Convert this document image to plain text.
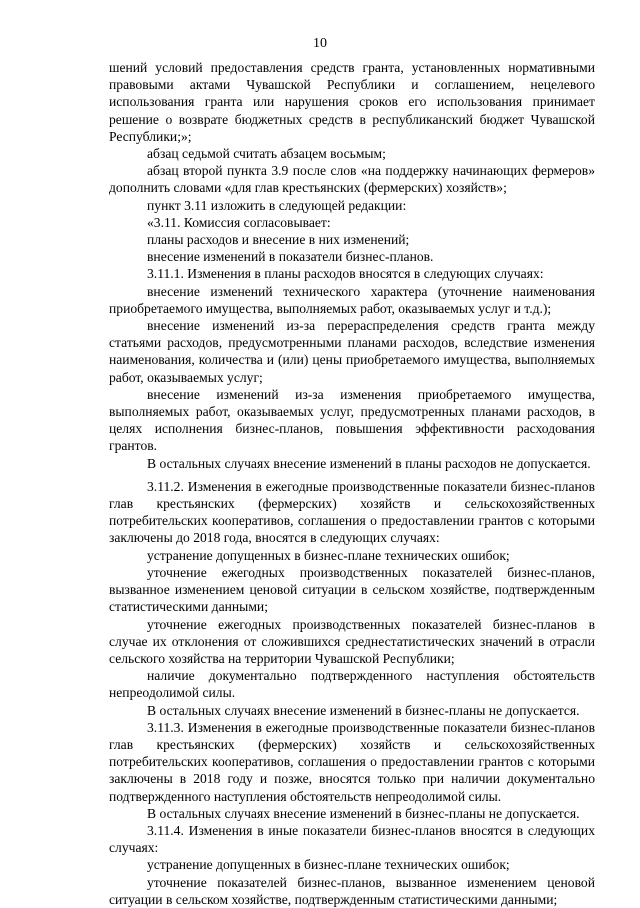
10

шений условий предоставления средств гранта, установленных нормативными правовыми актами Чувашской Республики и соглашением, нецелевого использования гранта или нарушения сроков его использования принимает решение о возврате бюджетных средств в республиканский бюджет Чувашской Республики;»;

абзац седьмой считать абзацем восьмым;

абзац второй пункта 3.9 после слов «на поддержку начинающих фермеров» дополнить словами «для глав крестьянских (фермерских) хозяйств»;

пункт 3.11 изложить в следующей редакции:

«3.11. Комиссия согласовывает:

планы расходов и внесение в них изменений;

внесение изменений в показатели бизнес-планов.

3.11.1. Изменения в планы расходов вносятся в следующих случаях:

внесение изменений технического характера (уточнение наименования приобретаемого имущества, выполняемых работ, оказываемых услуг и т.д.);

внесение изменений из-за перераспределения средств гранта между статьями расходов, предусмотренными планами расходов, вследствие изменения наименования, количества и (или) цены приобретаемого имущества, выполняемых работ, оказываемых услуг;

внесение изменений из-за изменения приобретаемого имущества, выполняемых работ, оказываемых услуг, предусмотренных планами расходов, в целях исполнения бизнес-планов, повышения эффективности расходования грантов.

В остальных случаях внесение изменений в планы расходов не допускается.

3.11.2. Изменения в ежегодные производственные показатели бизнес-планов глав крестьянских (фермерских) хозяйств и сельскохозяйственных потребительских кооперативов, соглашения о предоставлении грантов с которыми заключены до 2018 года, вносятся в следующих случаях:

устранение допущенных в бизнес-плане технических ошибок;

уточнение ежегодных производственных показателей бизнес-планов, вызванное изменением ценовой ситуации в сельском хозяйстве, подтвержденным статистическими данными;

уточнение ежегодных производственных показателей бизнес-планов в случае их отклонения от сложившихся среднестатистических значений в отрасли сельского хозяйства на территории Чувашской Республики;

наличие документально подтвержденного наступления обстоятельств непреодолимой силы.

В остальных случаях внесение изменений в бизнес-планы не допускается.

3.11.3. Изменения в ежегодные производственные показатели бизнес-планов глав крестьянских (фермерских) хозяйств и сельскохозяйственных потребительских кооперативов, соглашения о предоставлении грантов с которыми заключены в 2018 году и позже, вносятся только при наличии документально подтвержденного наступления обстоятельств непреодолимой силы.

В остальных случаях внесение изменений в бизнес-планы не допускается.

3.11.4. Изменения в иные показатели бизнес-планов вносятся в следующих случаях:

устранение допущенных в бизнес-плане технических ошибок;

уточнение показателей бизнес-планов, вызванное изменением ценовой ситуации в сельском хозяйстве, подтвержденным статистическими данными;
